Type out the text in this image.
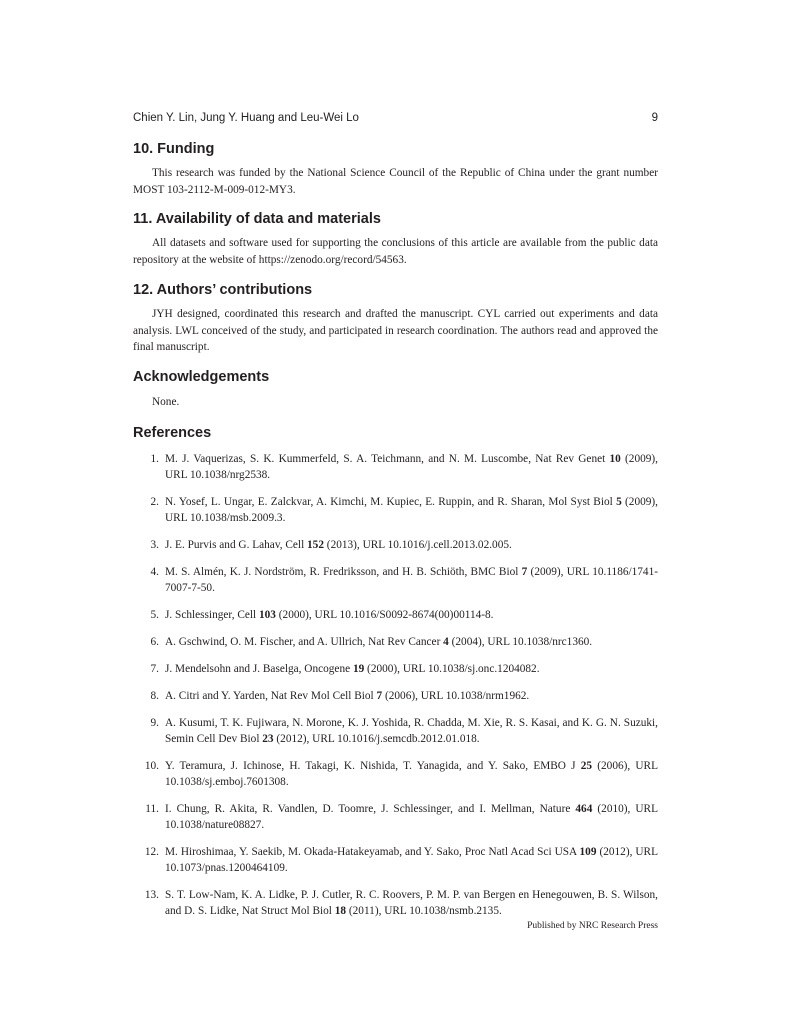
Chien Y. Lin, Jung Y. Huang and Leu-Wei Lo	9
10. Funding
This research was funded by the National Science Council of the Republic of China under the grant number MOST 103-2112-M-009-012-MY3.
11. Availability of data and materials
All datasets and software used for supporting the conclusions of this article are available from the public data repository at the website of https://zenodo.org/record/54563.
12. Authors’ contributions
JYH designed, coordinated this research and drafted the manuscript. CYL carried out experiments and data analysis. LWL conceived of the study, and participated in research coordination. The authors read and approved the final manuscript.
Acknowledgements
None.
References
1. M. J. Vaquerizas, S. K. Kummerfeld, S. A. Teichmann, and N. M. Luscombe, Nat Rev Genet 10 (2009), URL 10.1038/nrg2538.
2. N. Yosef, L. Ungar, E. Zalckvar, A. Kimchi, M. Kupiec, E. Ruppin, and R. Sharan, Mol Syst Biol 5 (2009), URL 10.1038/msb.2009.3.
3. J. E. Purvis and G. Lahav, Cell 152 (2013), URL 10.1016/j.cell.2013.02.005.
4. M. S. Almén, K. J. Nordström, R. Fredriksson, and H. B. Schiöth, BMC Biol 7 (2009), URL 10.1186/1741-7007-7-50.
5. J. Schlessinger, Cell 103 (2000), URL 10.1016/S0092-8674(00)00114-8.
6. A. Gschwind, O. M. Fischer, and A. Ullrich, Nat Rev Cancer 4 (2004), URL 10.1038/nrc1360.
7. J. Mendelsohn and J. Baselga, Oncogene 19 (2000), URL 10.1038/sj.onc.1204082.
8. A. Citri and Y. Yarden, Nat Rev Mol Cell Biol 7 (2006), URL 10.1038/nrm1962.
9. A. Kusumi, T. K. Fujiwara, N. Morone, K. J. Yoshida, R. Chadda, M. Xie, R. S. Kasai, and K. G. N. Suzuki, Semin Cell Dev Biol 23 (2012), URL 10.1016/j.semcdb.2012.01.018.
10. Y. Teramura, J. Ichinose, H. Takagi, K. Nishida, T. Yanagida, and Y. Sako, EMBO J 25 (2006), URL 10.1038/sj.emboj.7601308.
11. I. Chung, R. Akita, R. Vandlen, D. Toomre, J. Schlessinger, and I. Mellman, Nature 464 (2010), URL 10.1038/nature08827.
12. M. Hiroshimaa, Y. Saekib, M. Okada-Hatakeyamab, and Y. Sako, Proc Natl Acad Sci USA 109 (2012), URL 10.1073/pnas.1200464109.
13. S. T. Low-Nam, K. A. Lidke, P. J. Cutler, R. C. Roovers, P. M. P. van Bergen en Henegouwen, B. S. Wilson, and D. S. Lidke, Nat Struct Mol Biol 18 (2011), URL 10.1038/nsmb.2135.
Published by NRC Research Press
